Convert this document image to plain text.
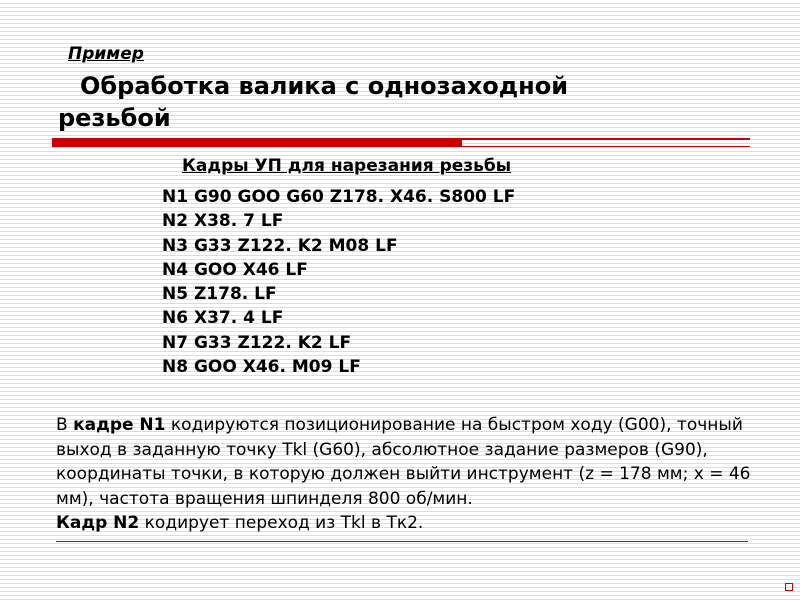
Пример
Обработка валика с однозаходной
резьбой
Кадры УП для нарезания резьбы
N1 G90 GOO G60 Z178. X46. S800 LF
N2 X38. 7 LF
N3 G33 Z122. K2 M08 LF
N4 GOO X46 LF
N5 Z178. LF
N6 X37. 4 LF
N7 G33 Z122. K2 LF
N8 GOO X46. M09 LF

В кадре N1 кодируются позиционирование на быстром ходу (G00), точный выход в заданную точку Tkl (G60), абсолютное задание размеров (G90), координаты точки, в которую должен выйти инструмент (z = 178 мм; x = 46 мм), частота вращения шпинделя 800 об/мин.
Кадр N2 кодирует переход из Tkl в Тк2.
